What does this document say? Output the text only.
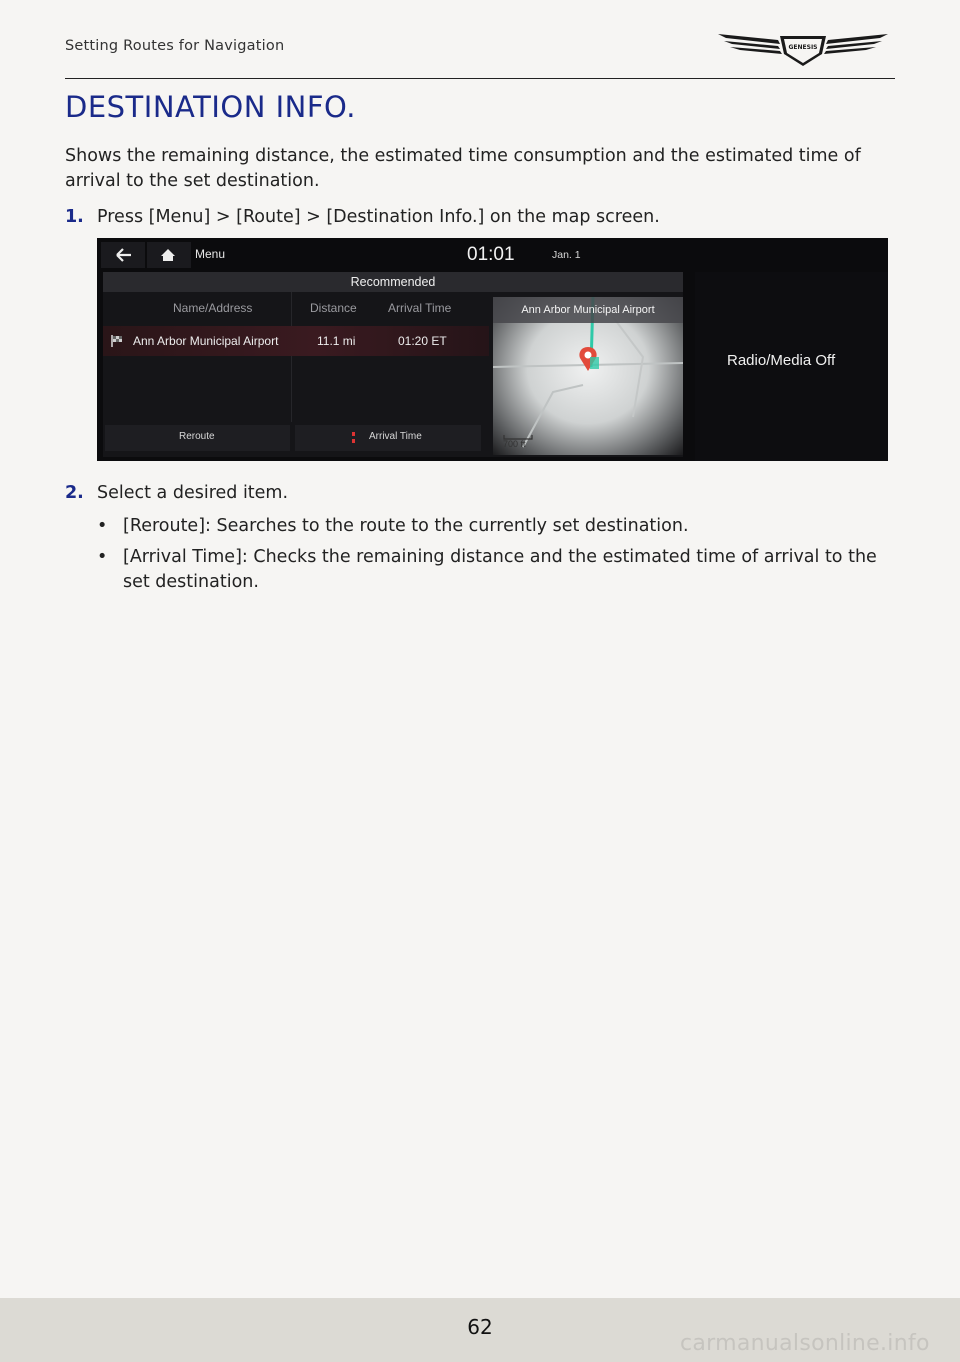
Setting Routes for Navigation	GENESIS
DESTINATION INFO.
Shows the remaining distance, the estimated time consumption and the estimated time of arrival to the set destination.
1. Press [Menu] > [Route] > [Destination Info.] on the map screen.
Menu	01:01	Jan. 1
Recommended
Name/Address	Distance	Arrival Time
Ann Arbor Municipal Airport	11.1 mi	01:20 ET
Reroute	Arrival Time
Ann Arbor Municipal Airport
700 ft
Radio/Media Off
2. Select a desired item.
• [Reroute]: Searches to the route to the currently set destination.
• [Arrival Time]: Checks the remaining distance and the estimated time of arrival to the set destination.
62
carmanualsonline.info
